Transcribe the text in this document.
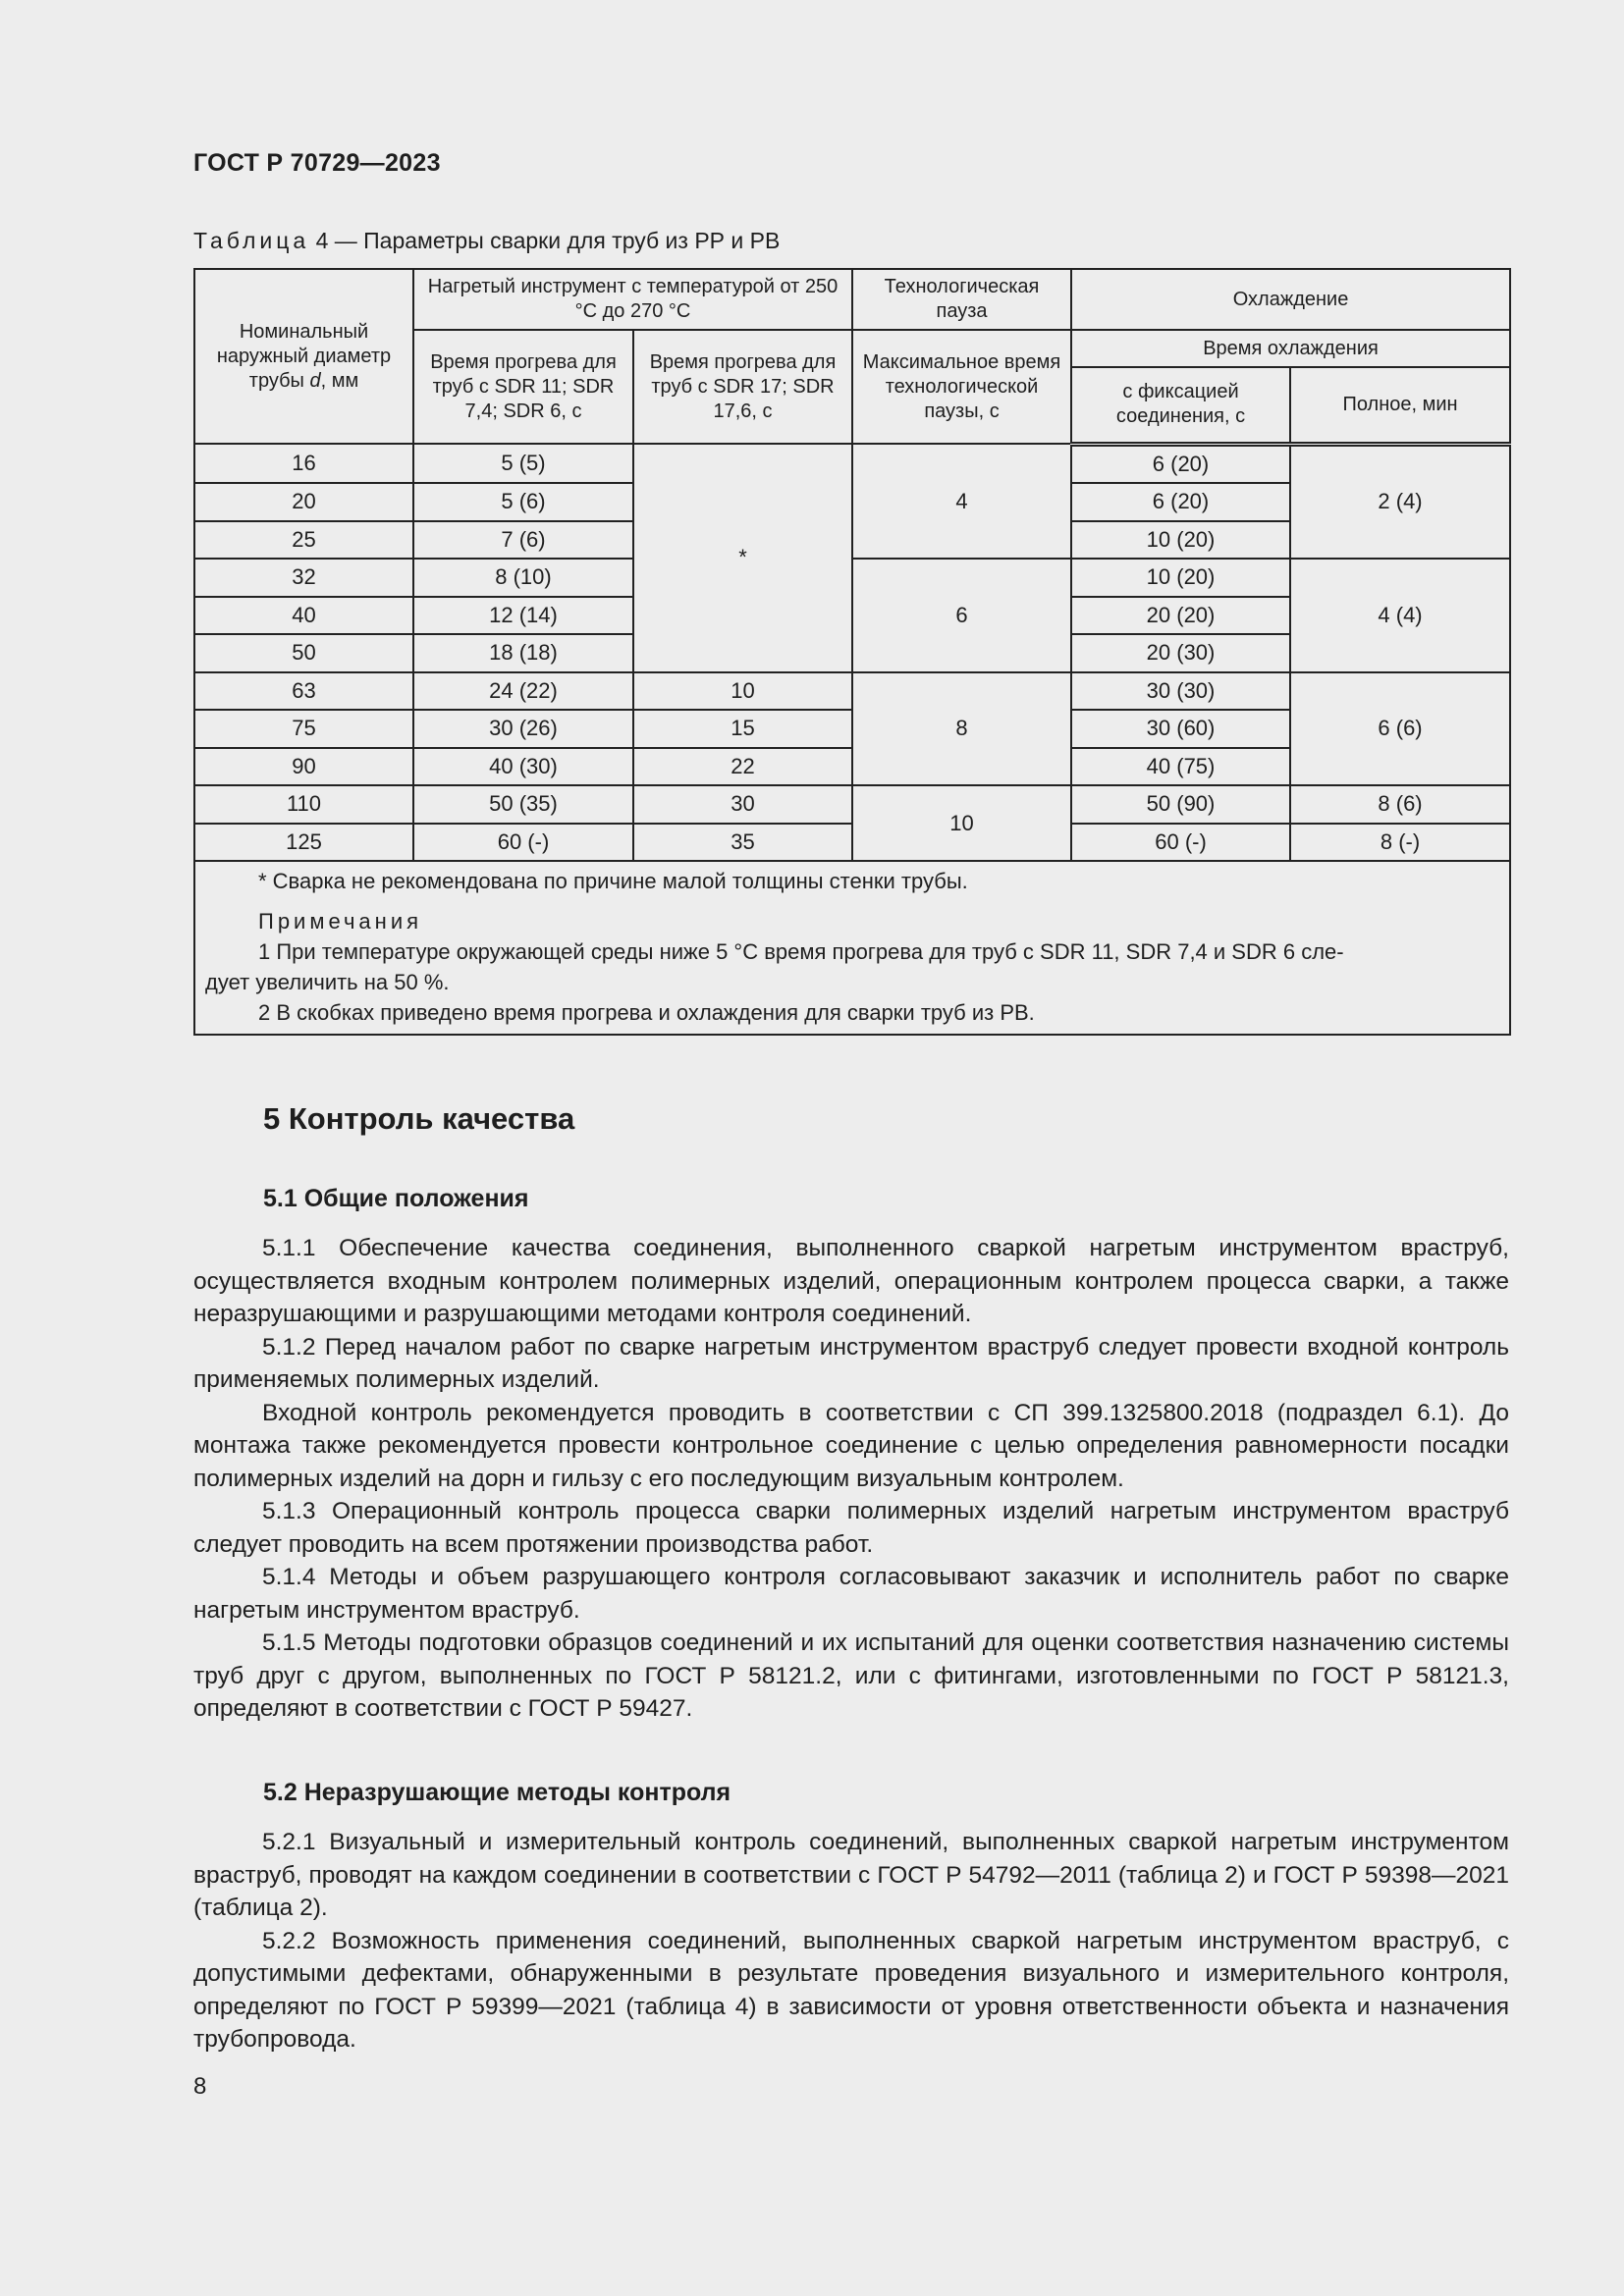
ГОСТ Р 70729—2023
Таблица 4 — Параметры сварки для труб из РР и РВ
Номинальный наружный диаметр трубы d, мм	Нагретый инструмент с температурой от 250 °С до 270 °С		Технологическая пауза	Охлаждение	
	Время прогрева для труб с SDR 11; SDR 7,4; SDR 6, с	Время прогрева для труб с SDR 17; SDR 17,6, с	Максимальное время технологической паузы, с	Время охлаждения	
				с фиксацией соединения, с	Полное, мин
16	5 (5)	*	4	6 (20)	2 (4)
20	5 (6)			6 (20)	
25	7 (6)			10 (20)	
32	8 (10)		6	10 (20)	4 (4)
40	12 (14)			20 (20)	
50	18 (18)			20 (30)	
63	24 (22)	10	8	30 (30)	6 (6)
75	30 (26)	15		30 (60)	
90	40 (30)	22		40 (75)	
110	50 (35)	30	10	50 (90)	8 (6)
125	60 (-)	35		60 (-)	8 (-)

* Сварка не рекомендована по причине малой толщины стенки трубы.
Примечания
1 При температуре окружающей среды ниже 5 °С время прогрева для труб с SDR 11, SDR 7,4 и SDR 6 сле-
дует увеличить на 50 %.
2 В скобках приведено время прогрева и охлаждения для сварки труб из РВ.					
5 Контроль качества
5.1 Общие положения

5.1.1 Обеспечение качества соединения, выполненного сваркой нагретым инструментом враструб, осуществляется входным контролем полимерных изделий, операционным контролем процесса сварки, а также неразрушающими и разрушающими методами контроля соединений.

5.1.2 Перед началом работ по сварке нагретым инструментом враструб следует провести входной контроль применяемых полимерных изделий.

Входной контроль рекомендуется проводить в соответствии с СП 399.1325800.2018 (подраздел 6.1). До монтажа также рекомендуется провести контрольное соединение с целью определения равномерности посадки полимерных изделий на дорн и гильзу с его последующим визуальным контролем.

5.1.3 Операционный контроль процесса сварки полимерных изделий нагретым инструментом враструб следует проводить на всем протяжении производства работ.

5.1.4 Методы и объем разрушающего контроля согласовывают заказчик и исполнитель работ по сварке нагретым инструментом враструб.

5.1.5 Методы подготовки образцов соединений и их испытаний для оценки соответствия назначению системы труб друг с другом, выполненных по ГОСТ Р 58121.2, или с фитингами, изготовленными по ГОСТ Р 58121.3, определяют в соответствии с ГОСТ Р 59427.

5.2 Неразрушающие методы контроля

5.2.1 Визуальный и измерительный контроль соединений, выполненных сваркой нагретым инструментом враструб, проводят на каждом соединении в соответствии с ГОСТ Р 54792—2011 (таблица 2) и ГОСТ Р 59398—2021 (таблица 2).

5.2.2 Возможность применения соединений, выполненных сваркой нагретым инструментом враструб, с допустимыми дефектами, обнаруженными в результате проведения визуального и измерительного контроля, определяют по ГОСТ Р 59399—2021 (таблица 4) в зависимости от уровня ответственности объекта и назначения трубопровода.

8
